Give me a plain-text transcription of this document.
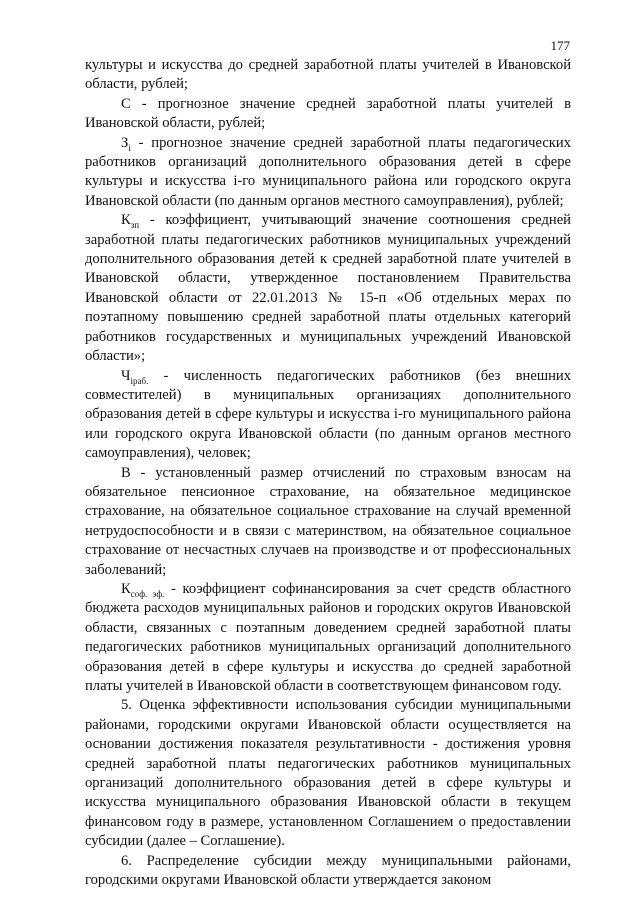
177

культуры и искусства до средней заработной платы учителей в Ивановской области, рублей;

С - прогнозное значение средней заработной платы учителей в Ивановской области, рублей;

$З_i$ - прогнозное значение средней заработной платы педагогических работников организаций дополнительного образования детей в сфере культуры и искусства i-го муниципального района или городского округа Ивановской области (по данным органов местного самоуправления), рублей;

$К_{зп}$ - коэффициент, учитывающий значение соотношения средней заработной платы педагогических работников муниципальных учреждений дополнительного образования детей к средней заработной плате учителей в Ивановской области, утвержденное постановлением Правительства Ивановской области от 22.01.2013 № 15-п «Об отдельных мерах по поэтапному повышению средней заработной платы отдельных категорий работников государственных и муниципальных учреждений Ивановской области»;

$Ч_{iраб.}$ - численность педагогических работников (без внешних совместителей) в муниципальных организациях дополнительного образования детей в сфере культуры и искусства i-го муниципального района или городского округа Ивановской области (по данным органов местного самоуправления), человек;

В - установленный размер отчислений по страховым взносам на обязательное пенсионное страхование, на обязательное медицинское страхование, на обязательное социальное страхование на случай временной нетрудоспособности и в связи с материнством, на обязательное социальное страхование от несчастных случаев на производстве и от профессиональных заболеваний;

$К_{соф. эф.}$ - коэффициент софинансирования за счет средств областного бюджета расходов муниципальных районов и городских округов Ивановской области, связанных с поэтапным доведением средней заработной платы педагогических работников муниципальных организаций дополнительного образования детей в сфере культуры и искусства до средней заработной платы учителей в Ивановской области в соответствующем финансовом году.

5. Оценка эффективности использования субсидии муниципальными районами, городскими округами Ивановской области осуществляется на основании достижения показателя результативности - достижения уровня средней заработной платы педагогических работников муниципальных организаций дополнительного образования детей в сфере культуры и искусства муниципального образования Ивановской области в текущем финансовом году в размере, установленном Соглашением о предоставлении субсидии (далее – Соглашение).

6. Распределение субсидии между муниципальными районами, городскими округами Ивановской области утверждается законом
